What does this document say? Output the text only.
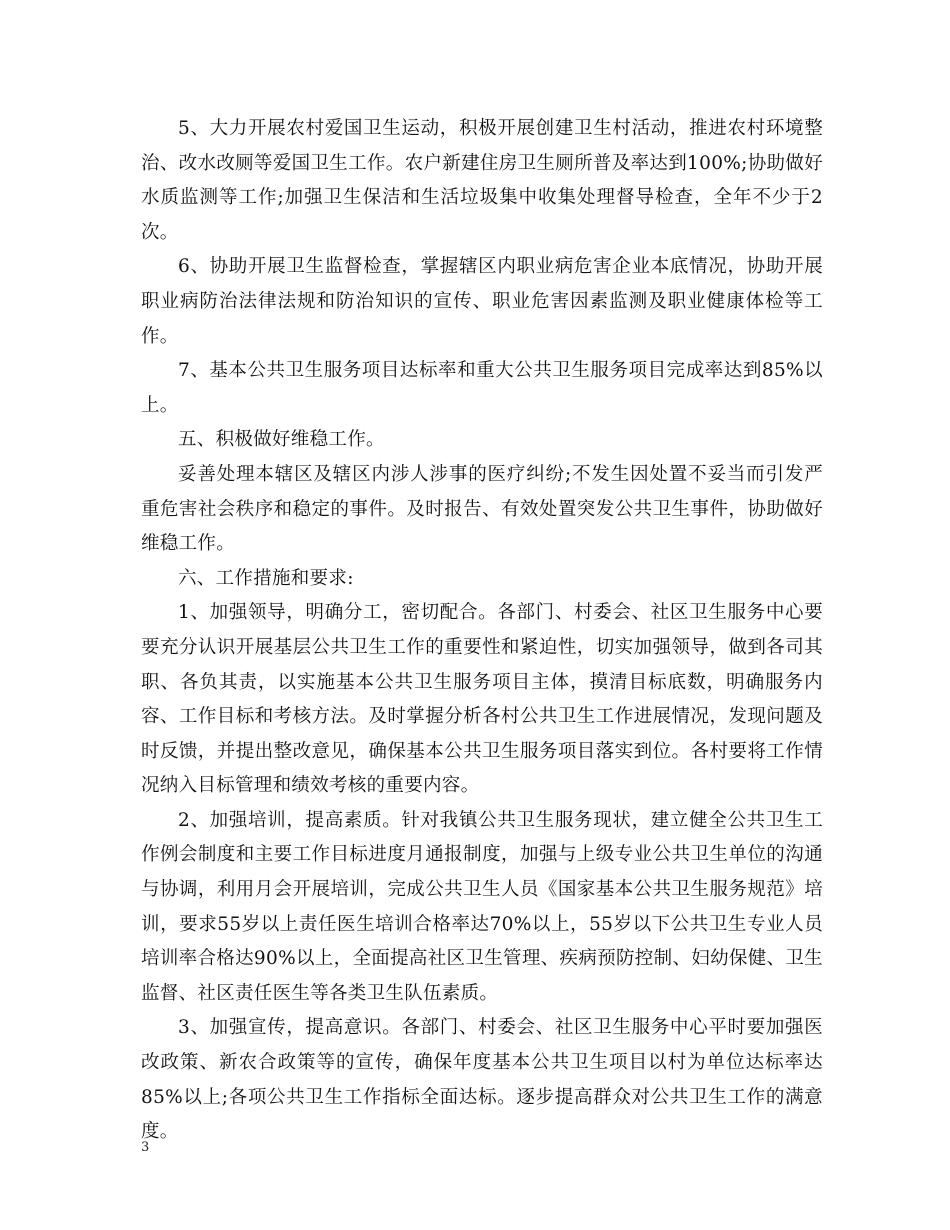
5、大力开展农村爱国卫生运动，积极开展创建卫生村活动，推进农村环境整治、改水改厕等爱国卫生工作。农户新建住房卫生厕所普及率达到100%;协助做好水质监测等工作;加强卫生保洁和生活垃圾集中收集处理督导检查，全年不少于2次。

6、协助开展卫生监督检查，掌握辖区内职业病危害企业本底情况，协助开展职业病防治法律法规和防治知识的宣传、职业危害因素监测及职业健康体检等工作。

7、基本公共卫生服务项目达标率和重大公共卫生服务项目完成率达到85%以上。

五、积极做好维稳工作。

妥善处理本辖区及辖区内涉人涉事的医疗纠纷;不发生因处置不妥当而引发严重危害社会秩序和稳定的事件。及时报告、有效处置突发公共卫生事件，协助做好维稳工作。

六、工作措施和要求:

1、加强领导，明确分工，密切配合。各部门、村委会、社区卫生服务中心要要充分认识开展基层公共卫生工作的重要性和紧迫性，切实加强领导，做到各司其职、各负其责，以实施基本公共卫生服务项目主体，摸清目标底数，明确服务内容、工作目标和考核方法。及时掌握分析各村公共卫生工作进展情况，发现问题及时反馈，并提出整改意见，确保基本公共卫生服务项目落实到位。各村要将工作情况纳入目标管理和绩效考核的重要内容。

2、加强培训，提高素质。针对我镇公共卫生服务现状，建立健全公共卫生工作例会制度和主要工作目标进度月通报制度，加强与上级专业公共卫生单位的沟通与协调，利用月会开展培训，完成公共卫生人员《国家基本公共卫生服务规范》培训，要求55岁以上责任医生培训合格率达70%以上，55岁以下公共卫生专业人员培训率合格达90%以上，全面提高社区卫生管理、疾病预防控制、妇幼保健、卫生监督、社区责任医生等各类卫生队伍素质。

3、加强宣传，提高意识。各部门、村委会、社区卫生服务中心平时要加强医改政策、新农合政策等的宣传，确保年度基本公共卫生项目以村为单位达标率达85%以上;各项公共卫生工作指标全面达标。逐步提高群众对公共卫生工作的满意度。

3
